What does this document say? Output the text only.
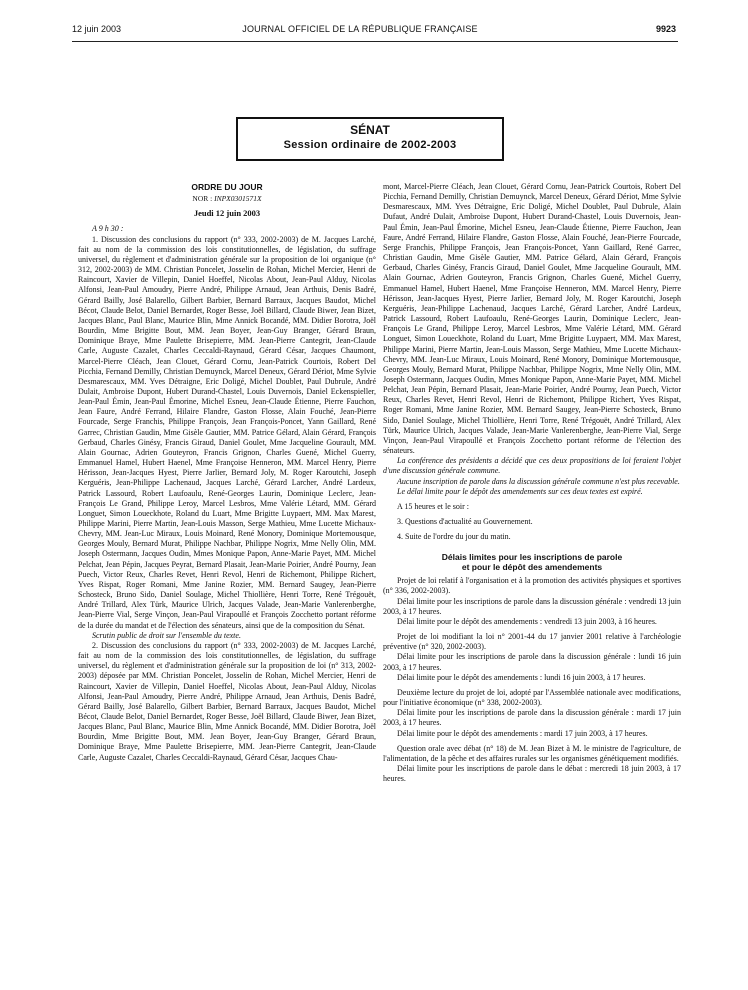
12 juin 2003	JOURNAL OFFICIEL DE LA RÉPUBLIQUE FRANÇAISE	9923
SÉNAT
Session ordinaire de 2002-2003
ORDRE DU JOUR
NOR : INPX0301571X
Jeudi 12 juin 2003

A 9 h 30 :

1. Discussion des conclusions du rapport (n° 333, 2002-2003) de M. Jacques Larché, fait au nom de la commission des lois constitutionnelles, de législation, du suffrage universel, du règlement et d'administration générale sur la proposition de loi organique (n° 312, 2002-2003) de MM. Christian Poncelet, Josselin de Rohan, Michel Mercier, Henri de Raincourt, Xavier de Villepin, Daniel Hoeffel, Nicolas About, Jean-Paul Alduy, Nicolas Alfonsi, Jean-Paul Amoudry, Pierre André, Philippe Arnaud, Jean Arthuis, Denis Badré, Gérard Bailly, José Balarello, Gilbert Barbier, Bernard Barraux, Jacques Baudot, Michel Bécot, Claude Belot, Daniel Bernardet, Roger Besse, Joël Billard, Claude Biwer, Jean Bizet, Jacques Blanc, Paul Blanc, Maurice Blin, Mme Annick Bocandé, MM. Didier Borotra, Joël Bourdin, Mme Brigitte Bout, MM. Jean Boyer, Jean-Guy Branger, Gérard Braun, Dominique Braye, Mme Paulette Brisepierre, MM. Jean-Pierre Cantegrit, Jean-Claude Carle, Auguste Cazalet, Charles Ceccaldi-Raynaud, Gérard César, Jacques Chaumont, Marcel-Pierre Cléach, Jean Clouet, Gérard Cornu, Jean-Patrick Courtois, Robert Del Picchia, Fernand Demilly, Christian Demuynck, Marcel Deneux, Gérard Dériot, Mme Sylvie Desmarescaux, MM. Yves Détraigne, Eric Doligé, Michel Doublet, Paul Dubrule, André Dulait, Ambroise Dupont, Hubert Durand-Chastel, Louis Duvernois, Daniel Eckenspieller, Jean-Paul Émin, Jean-Paul Émorine, Michel Esneu, Jean-Claude Étienne, Pierre Fauchon, Jean Faure, André Ferrand, Hilaire Flandre, Gaston Flosse, Alain Fouché, Jean-Pierre Fourcade, Serge Franchis, Philippe François, Jean François-Poncet, Yann Gaillard, René Garrec, Christian Gaudin, Mme Gisèle Gautier, MM. Patrice Gélard, Alain Gérard, François Gerbaud, Charles Ginésy, Francis Giraud, Daniel Goulet, Mme Jacqueline Gourault, MM. Alain Gournac, Adrien Gouteyron, Francis Grignon, Charles Guené, Michel Guerry, Emmanuel Hamel, Hubert Haenel, Mme Françoise Henneron, MM. Marcel Henry, Pierre Hérisson, Jean-Jacques Hyest, Pierre Jarlier, Bernard Joly, M. Roger Karoutchi, Joseph Kerguéris, Jean-Philippe Lachenaud, Jacques Larché, Gérard Larcher, André Lardeux, Patrick Lassourd, Robert Laufoaulu, René-Georges Laurin, Dominique Leclerc, Jean-François Le Grand, Philippe Leroy, Marcel Lesbros, Mme Valérie Létard, MM. Gérard Longuet, Simon Loueckhote, Roland du Luart, Mme Brigitte Luypaert, MM. Max Marest, Philippe Marini, Pierre Martin, Jean-Louis Masson, Serge Mathieu, Mme Lucette Michaux-Chevry, MM. Jean-Luc Miraux, Louis Moinard, René Monory, Dominique Mortemousque, Georges Mouly, Bernard Murat, Philippe Nachbar, Philippe Nogrix, Mme Nelly Olin, MM. Joseph Ostermann, Jacques Oudin, Mmes Monique Papon, Anne-Marie Payet, MM. Michel Pelchat, Jean Pépin, Jacques Peyrat, Bernard Plasait, Jean-Marie Poirier, André Pourny, Jean Puech, Victor Reux, Charles Revet, Henri Revol, Henri de Richemont, Philippe Richert, Yves Rispat, Roger Romani, Mme Janine Rozier, MM. Bernard Saugey, Jean-Pierre Schosteck, Bruno Sido, Daniel Soulage, Michel Thiollière, Henri Torre, René Trégouët, André Trillard, Alex Türk, Maurice Ulrich, Jacques Valade, Jean-Marie Vanlerenberghe, Jean-Pierre Vial, Serge Vinçon, Jean-Paul Virapoullé et François Zocchetto portant réforme de la durée du mandat et de l'élection des sénateurs, ainsi que de la composition du Sénat.

Scrutin public de droit sur l'ensemble du texte.

2. Discussion des conclusions du rapport (n° 333, 2002-2003) de M. Jacques Larché, fait au nom de la commission des lois constitutionnelles, de législation, du suffrage universel, du règlement et d'administration générale sur la proposition de loi (n° 313, 2002-2003) déposée par MM. Christian Poncelet, Josselin de Rohan, Michel Mercier, Henri de Raincourt, Xavier de Villepin, Daniel Hoeffel, Nicolas About, Jean-Paul Alduy, Nicolas Alfonsi, Jean-Paul Amoudry, Pierre André, Philippe Arnaud, Jean Arthuis, Denis Badré, Gérard Bailly, José Balarello, Gilbert Barbier, Bernard Barraux, Jacques Baudot, Michel Bécot, Claude Belot, Daniel Bernardet, Roger Besse, Joël Billard, Claude Biwer, Jean Bizet, Jacques Blanc, Paul Blanc, Maurice Blin, Mme Annick Bocandé, MM. Didier Borotra, Joël Bourdin, Mme Brigitte Bout, MM. Jean Boyer, Jean-Guy Branger, Gérard Braun, Dominique Braye, Mme Paulette Brisepierre, MM. Jean-Pierre Cantegrit, Jean-Claude Carle, Auguste Cazalet, Charles Ceccaldi-Raynaud, Gérard César, Jacques Chau-

mont, Marcel-Pierre Cléach, Jean Clouet, Gérard Cornu, Jean-Patrick Courtois, Robert Del Picchia, Fernand Demilly, Christian Demuynck, Marcel Deneux, Gérard Dériot, Mme Sylvie Desmarescaux, MM. Yves Détraigne, Eric Doligé, Michel Doublet, Paul Dubrule, Alain Dufaut, André Dulait, Ambroise Dupont, Hubert Durand-Chastel, Louis Duvernois, Jean-Paul Émin, Jean-Paul Émorine, Michel Esneu, Jean-Claude Étienne, Pierre Fauchon, Jean Faure, André Ferrand, Hilaire Flandre, Gaston Flosse, Alain Fouché, Jean-Pierre Fourcade, Serge Franchis, Philippe François, Jean François-Poncet, Yann Gaillard, René Garrec, Christian Gaudin, Mme Gisèle Gautier, MM. Patrice Gélard, Alain Gérard, François Gerbaud, Charles Ginésy, Francis Giraud, Daniel Goulet, Mme Jacqueline Gourault, MM. Alain Gournac, Adrien Gouteyron, Francis Grignon, Charles Guené, Michel Guerry, Emmanuel Hamel, Hubert Haenel, Mme Françoise Henneron, MM. Marcel Henry, Pierre Hérisson, Jean-Jacques Hyest, Pierre Jarlier, Bernard Joly, M. Roger Karoutchi, Joseph Kerguéris, Jean-Philippe Lachenaud, Jacques Larché, Gérard Larcher, André Lardeux, Patrick Lassourd, Robert Laufoaulu, René-Georges Laurin, Dominique Leclerc, Jean-François Le Grand, Philippe Leroy, Marcel Lesbros, Mme Valérie Létard, MM. Gérard Longuet, Simon Loueckhote, Roland du Luart, Mme Brigitte Luypaert, MM. Max Marest, Philippe Marini, Pierre Martin, Jean-Louis Masson, Serge Mathieu, Mme Lucette Michaux-Chevry, MM. Jean-Luc Miraux, Louis Moinard, René Monory, Dominique Mortemousque, Georges Mouly, Bernard Murat, Philippe Nachbar, Philippe Nogrix, Mme Nelly Olin, MM. Joseph Ostermann, Jacques Oudin, Mmes Monique Papon, Anne-Marie Payet, MM. Michel Pelchat, Jean Pépin, Bernard Plasait, Jean-Marie Poirier, André Pourny, Jean Puech, Victor Reux, Charles Revet, Henri Revol, Henri de Richemont, Philippe Richert, Yves Rispat, Roger Romani, Mme Janine Rozier, MM. Bernard Saugey, Jean-Pierre Schosteck, Bruno Sido, Daniel Soulage, Michel Thiollière, Henri Torre, René Trégouët, André Trillard, Alex Türk, Maurice Ulrich, Jacques Valade, Jean-Marie Vanlerenberghe, Jean-Pierre Vial, Serge Vinçon, Jean-Paul Virapoullé et François Zocchetto portant réforme de l'élection des sénateurs.

La conférence des présidents a décidé que ces deux propositions de loi feraient l'objet d'une discussion générale commune.

Aucune inscription de parole dans la discussion générale commune n'est plus recevable.

Le délai limite pour le dépôt des amendements sur ces deux textes est expiré.

A 15 heures et le soir :

3. Questions d'actualité au Gouvernement.

4. Suite de l'ordre du jour du matin.

Délais limites pour les inscriptions de parole
et pour le dépôt des amendements

Projet de loi relatif à l'organisation et à la promotion des activités physiques et sportives (n° 336, 2002-2003).

Délai limite pour les inscriptions de parole dans la discussion générale : vendredi 13 juin 2003, à 17 heures.

Délai limite pour le dépôt des amendements : vendredi 13 juin 2003, à 16 heures.

Projet de loi modifiant la loi n° 2001-44 du 17 janvier 2001 relative à l'archéologie préventive (n° 320, 2002-2003).

Délai limite pour les inscriptions de parole dans la discussion générale : lundi 16 juin 2003, à 17 heures.

Délai limite pour le dépôt des amendements : lundi 16 juin 2003, à 17 heures.

Deuxième lecture du projet de loi, adopté par l'Assemblée nationale avec modifications, pour l'initiative économique (n° 338, 2002-2003).

Délai limite pour les inscriptions de parole dans la discussion générale : mardi 17 juin 2003, à 17 heures.

Délai limite pour le dépôt des amendements : mardi 17 juin 2003, à 17 heures.

Question orale avec débat (n° 18) de M. Jean Bizet à M. le ministre de l'agriculture, de l'alimentation, de la pêche et des affaires rurales sur les organismes génétiquement modifiés.

Délai limite pour les inscriptions de parole dans le débat : mercredi 18 juin 2003, à 17 heures.
